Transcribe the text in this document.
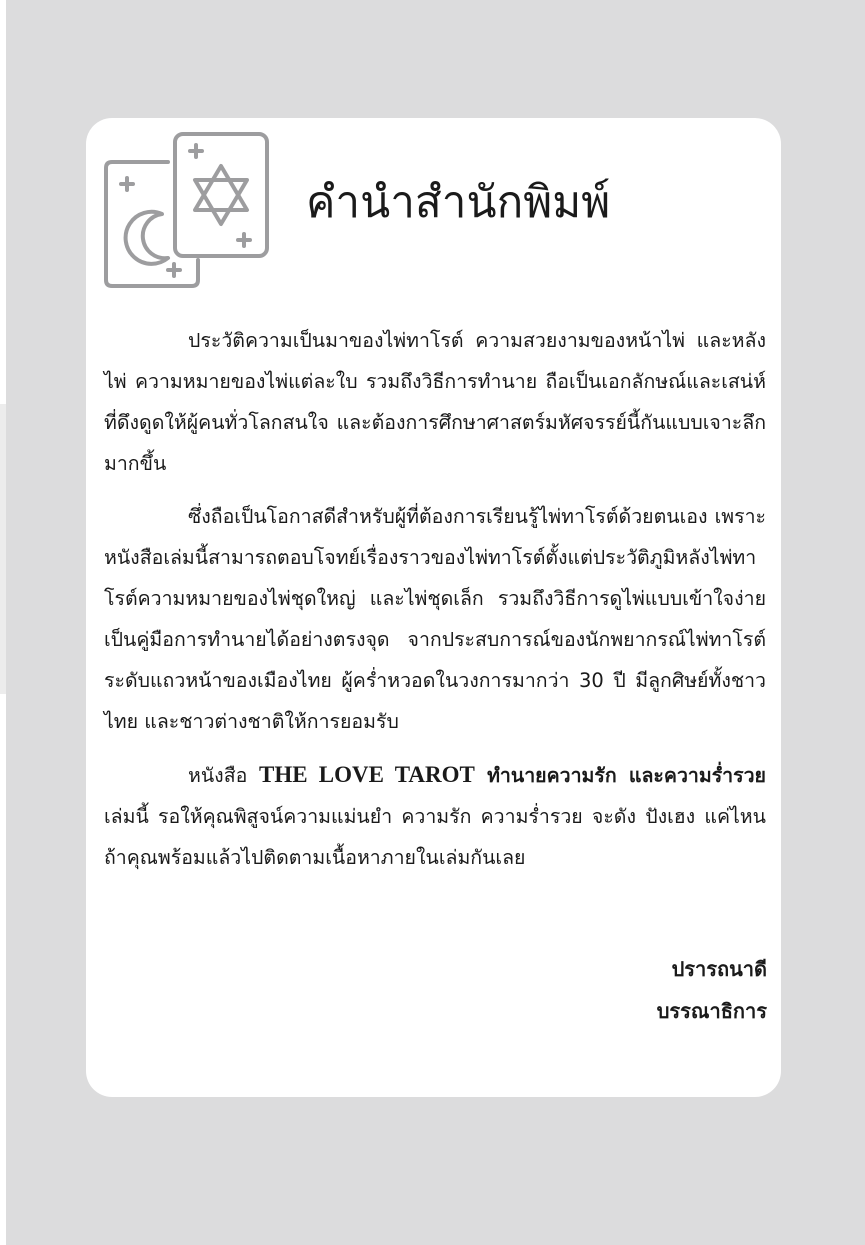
คำนำสำนักพิมพ์

ประวัติความเป็นมาของไพ่ทาโรต์ ความสวยงามของหน้าไพ่ และหลังไพ่ ความหมายของไพ่แต่ละใบ รวมถึงวิธีการทำนาย ถือเป็นเอกลักษณ์และเสน่ห์ที่ดึงดูดให้ผู้คนทั่วโลกสนใจ และต้องการศึกษาศาสตร์มหัศจรรย์นี้กันแบบเจาะลึกมากขึ้น

ซึ่งถือเป็นโอกาสดีสำหรับผู้ที่ต้องการเรียนรู้ไพ่ทาโรต์ด้วยตนเอง เพราะหนังสือเล่มนี้สามารถตอบโจทย์เรื่องราวของไพ่ทาโรต์ตั้งแต่ประวัติภูมิหลังไพ่ทาโรต์ความหมายของไพ่ชุดใหญ่ และไพ่ชุดเล็ก รวมถึงวิธีการดูไพ่แบบเข้าใจง่าย เป็นคู่มือการทำนายได้อย่างตรงจุด จากประสบการณ์ของนักพยากรณ์ไพ่ทาโรต์ระดับแถวหน้าของเมืองไทย ผู้คร่ำหวอดในวงการมากว่า 30 ปี มีลูกศิษย์ทั้งชาวไทย และชาวต่างชาติให้การยอมรับ

หนังสือ THE LOVE TAROT ทำนายความรัก และความร่ำรวย เล่มนี้ รอให้คุณพิสูจน์ความแม่นยำ ความรัก ความร่ำรวย จะดัง ปังเฮง แค่ไหน ถ้าคุณพร้อมแล้วไปติดตามเนื้อหาภายในเล่มกันเลย

ปรารถนาดี
บรรณาธิการ
